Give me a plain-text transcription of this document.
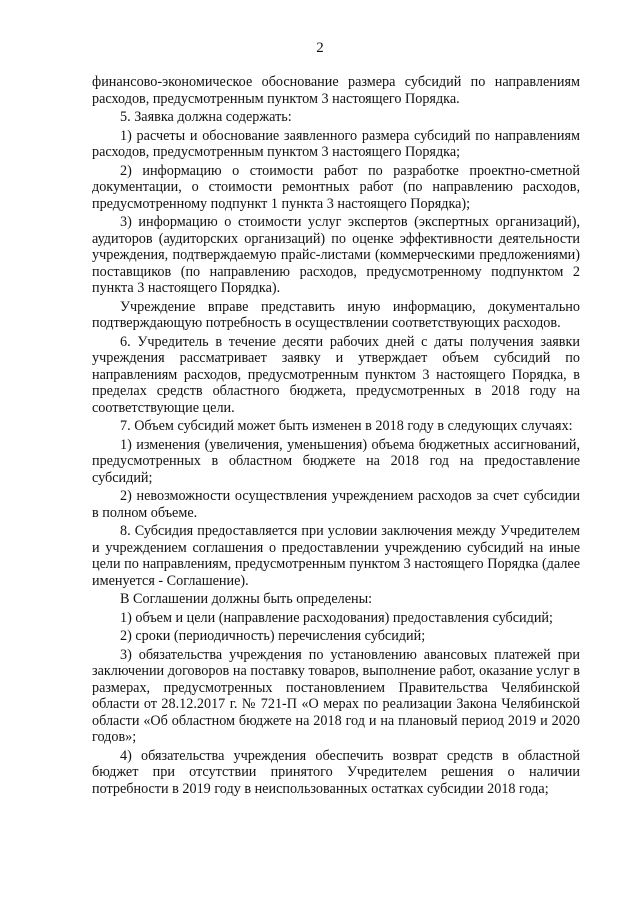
2

финансово-экономическое обоснование размера субсидий по направлениям расходов, предусмотренным пунктом 3 настоящего Порядка.

5. Заявка должна содержать:

1) расчеты и обоснование заявленного размера субсидий по направлениям расходов, предусмотренным пунктом 3 настоящего Порядка;

2) информацию о стоимости работ по разработке проектно-сметной документации, о стоимости ремонтных работ (по направлению расходов, предусмотренному подпункт 1 пункта 3 настоящего Порядка);

3) информацию о стоимости услуг экспертов (экспертных организаций), аудиторов (аудиторских организаций) по оценке эффективности деятельности учреждения, подтверждаемую прайс-листами (коммерческими предложениями) поставщиков (по направлению расходов, предусмотренному подпунктом 2 пункта 3 настоящего Порядка).

Учреждение вправе представить иную информацию, документально подтверждающую потребность в осуществлении соответствующих расходов.

6. Учредитель в течение десяти рабочих дней с даты получения заявки учреждения рассматривает заявку и утверждает объем субсидий по направлениям расходов, предусмотренным пунктом 3 настоящего Порядка, в пределах средств областного бюджета, предусмотренных в 2018 году на соответствующие цели.

7. Объем субсидий может быть изменен в 2018 году в следующих случаях:

1) изменения (увеличения, уменьшения) объема бюджетных ассигнований, предусмотренных в областном бюджете на 2018 год на предоставление субсидий;

2) невозможности осуществления учреждением расходов за счет субсидии в полном объеме.

8. Субсидия предоставляется при условии заключения между Учредителем и учреждением соглашения о предоставлении учреждению субсидий на иные цели по направлениям, предусмотренным пунктом 3 настоящего Порядка (далее именуется - Соглашение).

В Соглашении должны быть определены:

1) объем и цели (направление расходования) предоставления субсидий;

2) сроки (периодичность) перечисления субсидий;

3) обязательства учреждения по установлению авансовых платежей при заключении договоров на поставку товаров, выполнение работ, оказание услуг в размерах, предусмотренных постановлением Правительства Челябинской области от 28.12.2017 г. № 721-П «О мерах по реализации Закона Челябинской области «Об областном бюджете на 2018 год и на плановый период 2019 и 2020 годов»;

4) обязательства учреждения обеспечить возврат средств в областной бюджет при отсутствии принятого Учредителем решения о наличии потребности в 2019 году в неиспользованных остатках субсидии 2018 года;
